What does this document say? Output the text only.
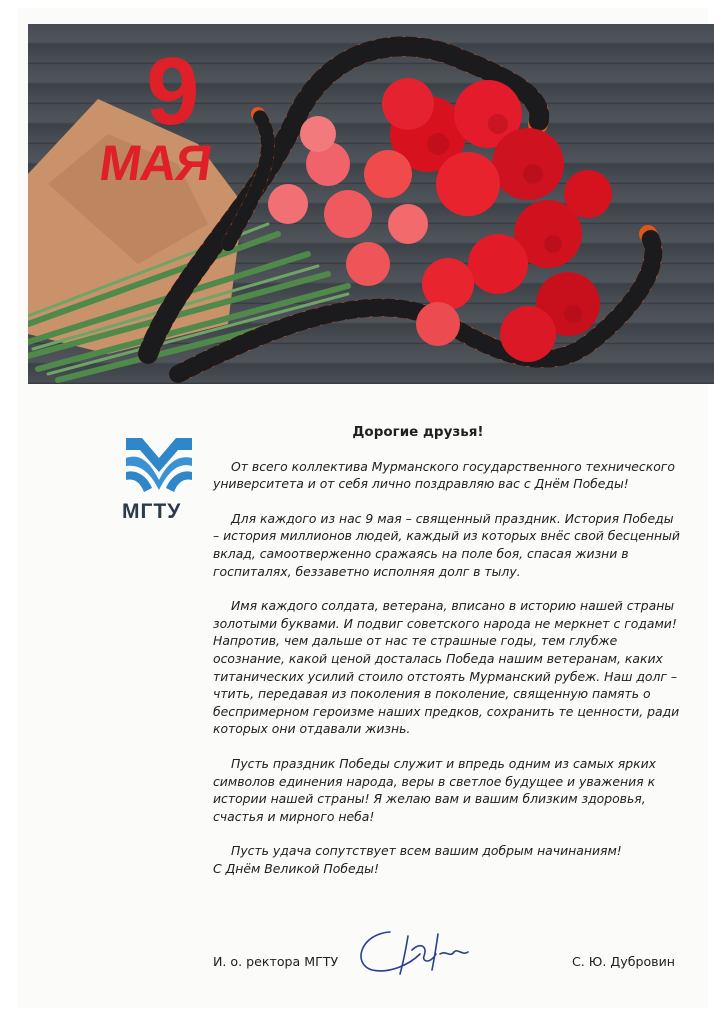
9
МАЯ
МГТУ
Дорогие друзья!

От всего коллектива Мурманского государственного технического университета и от себя лично поздравляю вас с Днём Победы!

Для каждого из нас 9 мая – священный праздник. История Победы – история миллионов людей, каждый из которых внёс свой бесценный вклад, самоотверженно сражаясь на поле боя, спасая жизни в госпиталях, беззаветно исполняя долг в тылу.

Имя каждого солдата, ветерана, вписано в историю нашей страны золотыми буквами. И подвиг советского народа не меркнет с годами! Напротив, чем дальше от нас те страшные годы, тем глубже осознание, какой ценой досталась Победа нашим ветеранам, каких титанических усилий стоило отстоять Мурманский рубеж. Наш долг – чтить, передавая из поколения в поколение, священную память о беспримерном героизме наших предков, сохранить те ценности, ради которых они отдавали жизнь.

Пусть праздник Победы служит и впредь одним из самых ярких символов единения народа, веры в светлое будущее и уважения к истории нашей страны! Я желаю вам и вашим близким здоровья, счастья и мирного неба!

Пусть удача сопутствует всем вашим добрым начинаниям!

С Днём Великой Победы!
И. о. ректора МГТУ	С. Ю. Дубровин
